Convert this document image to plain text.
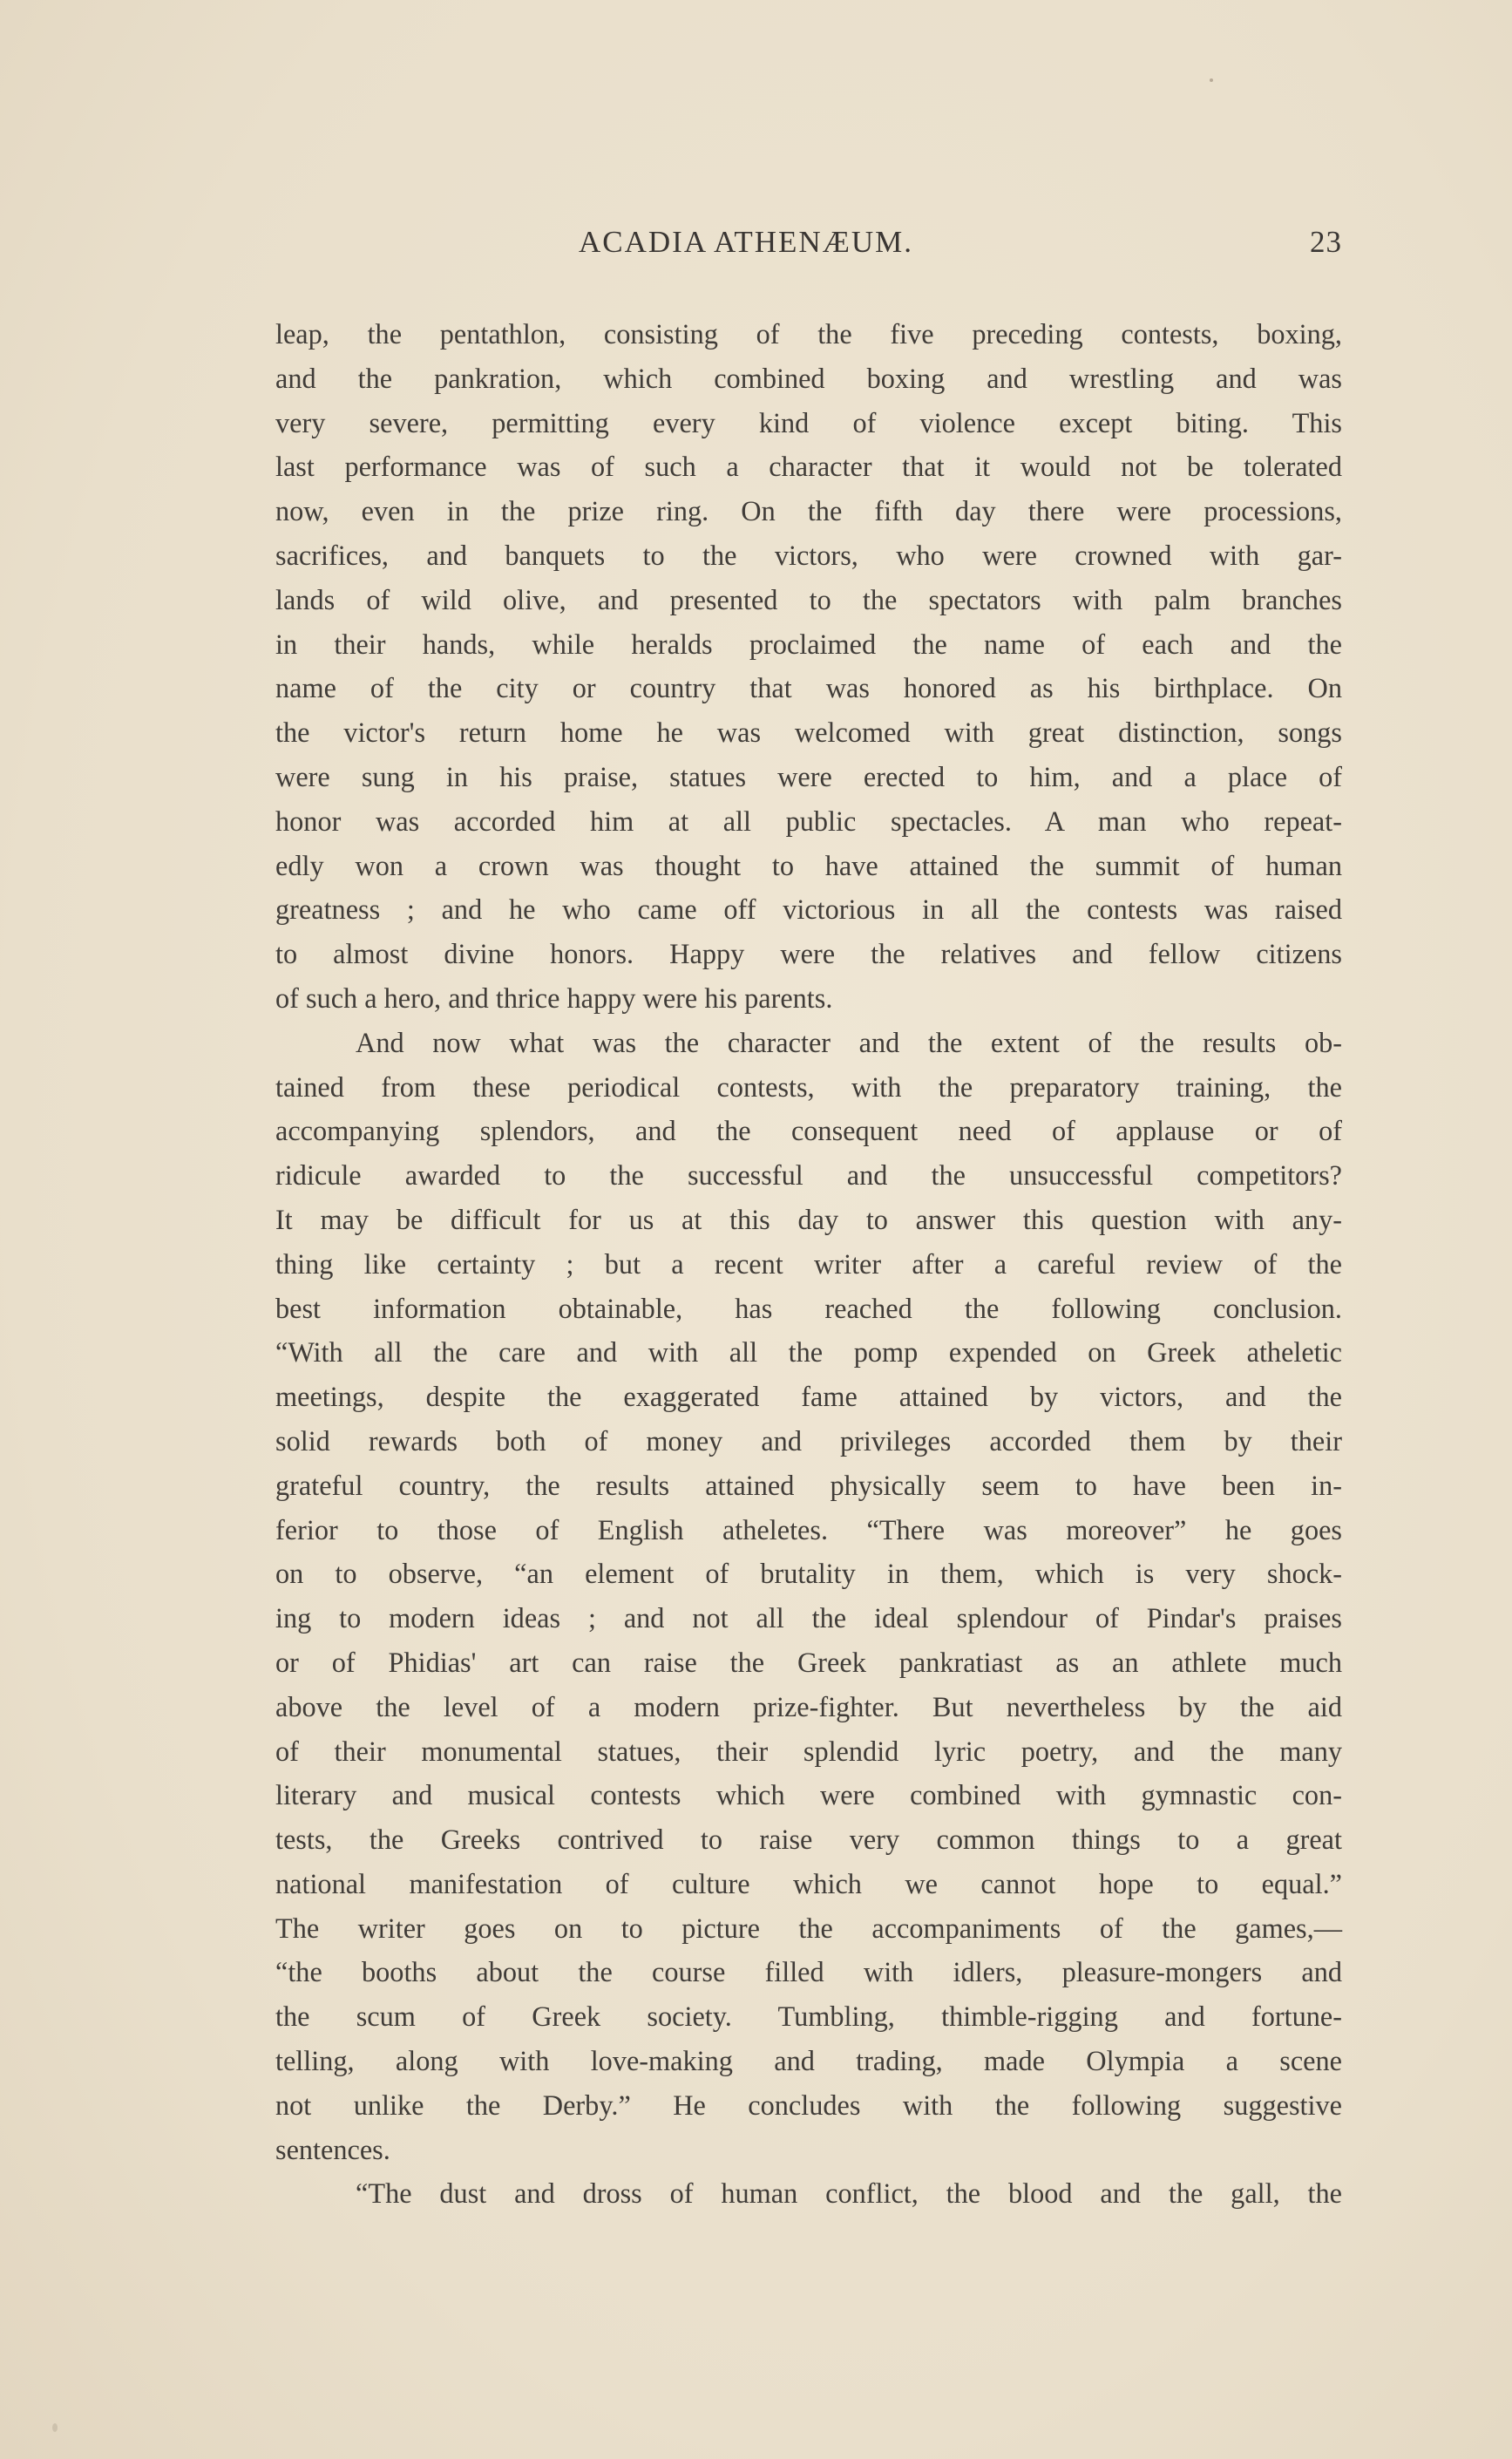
ACADIA ATHENÆUM.	23
leap, the pentathlon, consisting of the five preceding contests, boxing,
and the pankration, which combined boxing and wrestling and was
very severe, permitting every kind of violence except biting. This
last performance was of such a character that it would not be tolerated
now, even in the prize ring. On the fifth day there were processions,
sacrifices, and banquets to the victors, who were crowned with gar-
lands of wild olive, and presented to the spectators with palm branches
in their hands, while heralds proclaimed the name of each and the
name of the city or country that was honored as his birthplace. On
the victor's return home he was welcomed with great distinction, songs
were sung in his praise, statues were erected to him, and a place of
honor was accorded him at all public spectacles. A man who repeat-
edly won a crown was thought to have attained the summit of human
greatness ; and he who came off victorious in all the contests was raised
to almost divine honors. Happy were the relatives and fellow citizens
of such a hero, and thrice happy were his parents.
And now what was the character and the extent of the results ob-
tained from these periodical contests, with the preparatory training, the
accompanying splendors, and the consequent need of applause or of
ridicule awarded to the successful and the unsuccessful competitors?
It may be difficult for us at this day to answer this question with any-
thing like certainty ; but a recent writer after a careful review of the
best information obtainable, has reached the following conclusion.
“With all the care and with all the pomp expended on Greek atheletic
meetings, despite the exaggerated fame attained by victors, and the
solid rewards both of money and privileges accorded them by their
grateful country, the results attained physically seem to have been in-
ferior to those of English atheletes. “There was moreover” he goes
on to observe, “an element of brutality in them, which is very shock-
ing to modern ideas ; and not all the ideal splendour of Pindar's praises
or of Phidias' art can raise the Greek pankratiast as an athlete much
above the level of a modern prize-fighter. But nevertheless by the aid
of their monumental statues, their splendid lyric poetry, and the many
literary and musical contests which were combined with gymnastic con-
tests, the Greeks contrived to raise very common things to a great
national manifestation of culture which we cannot hope to equal.”
The writer goes on to picture the accompaniments of the games,—
“the booths about the course filled with idlers, pleasure-mongers and
the scum of Greek society. Tumbling, thimble-rigging and fortune-
telling, along with love-making and trading, made Olympia a scene
not unlike the Derby.” He concludes with the following suggestive
sentences.
“The dust and dross of human conflict, the blood and the gall, the
